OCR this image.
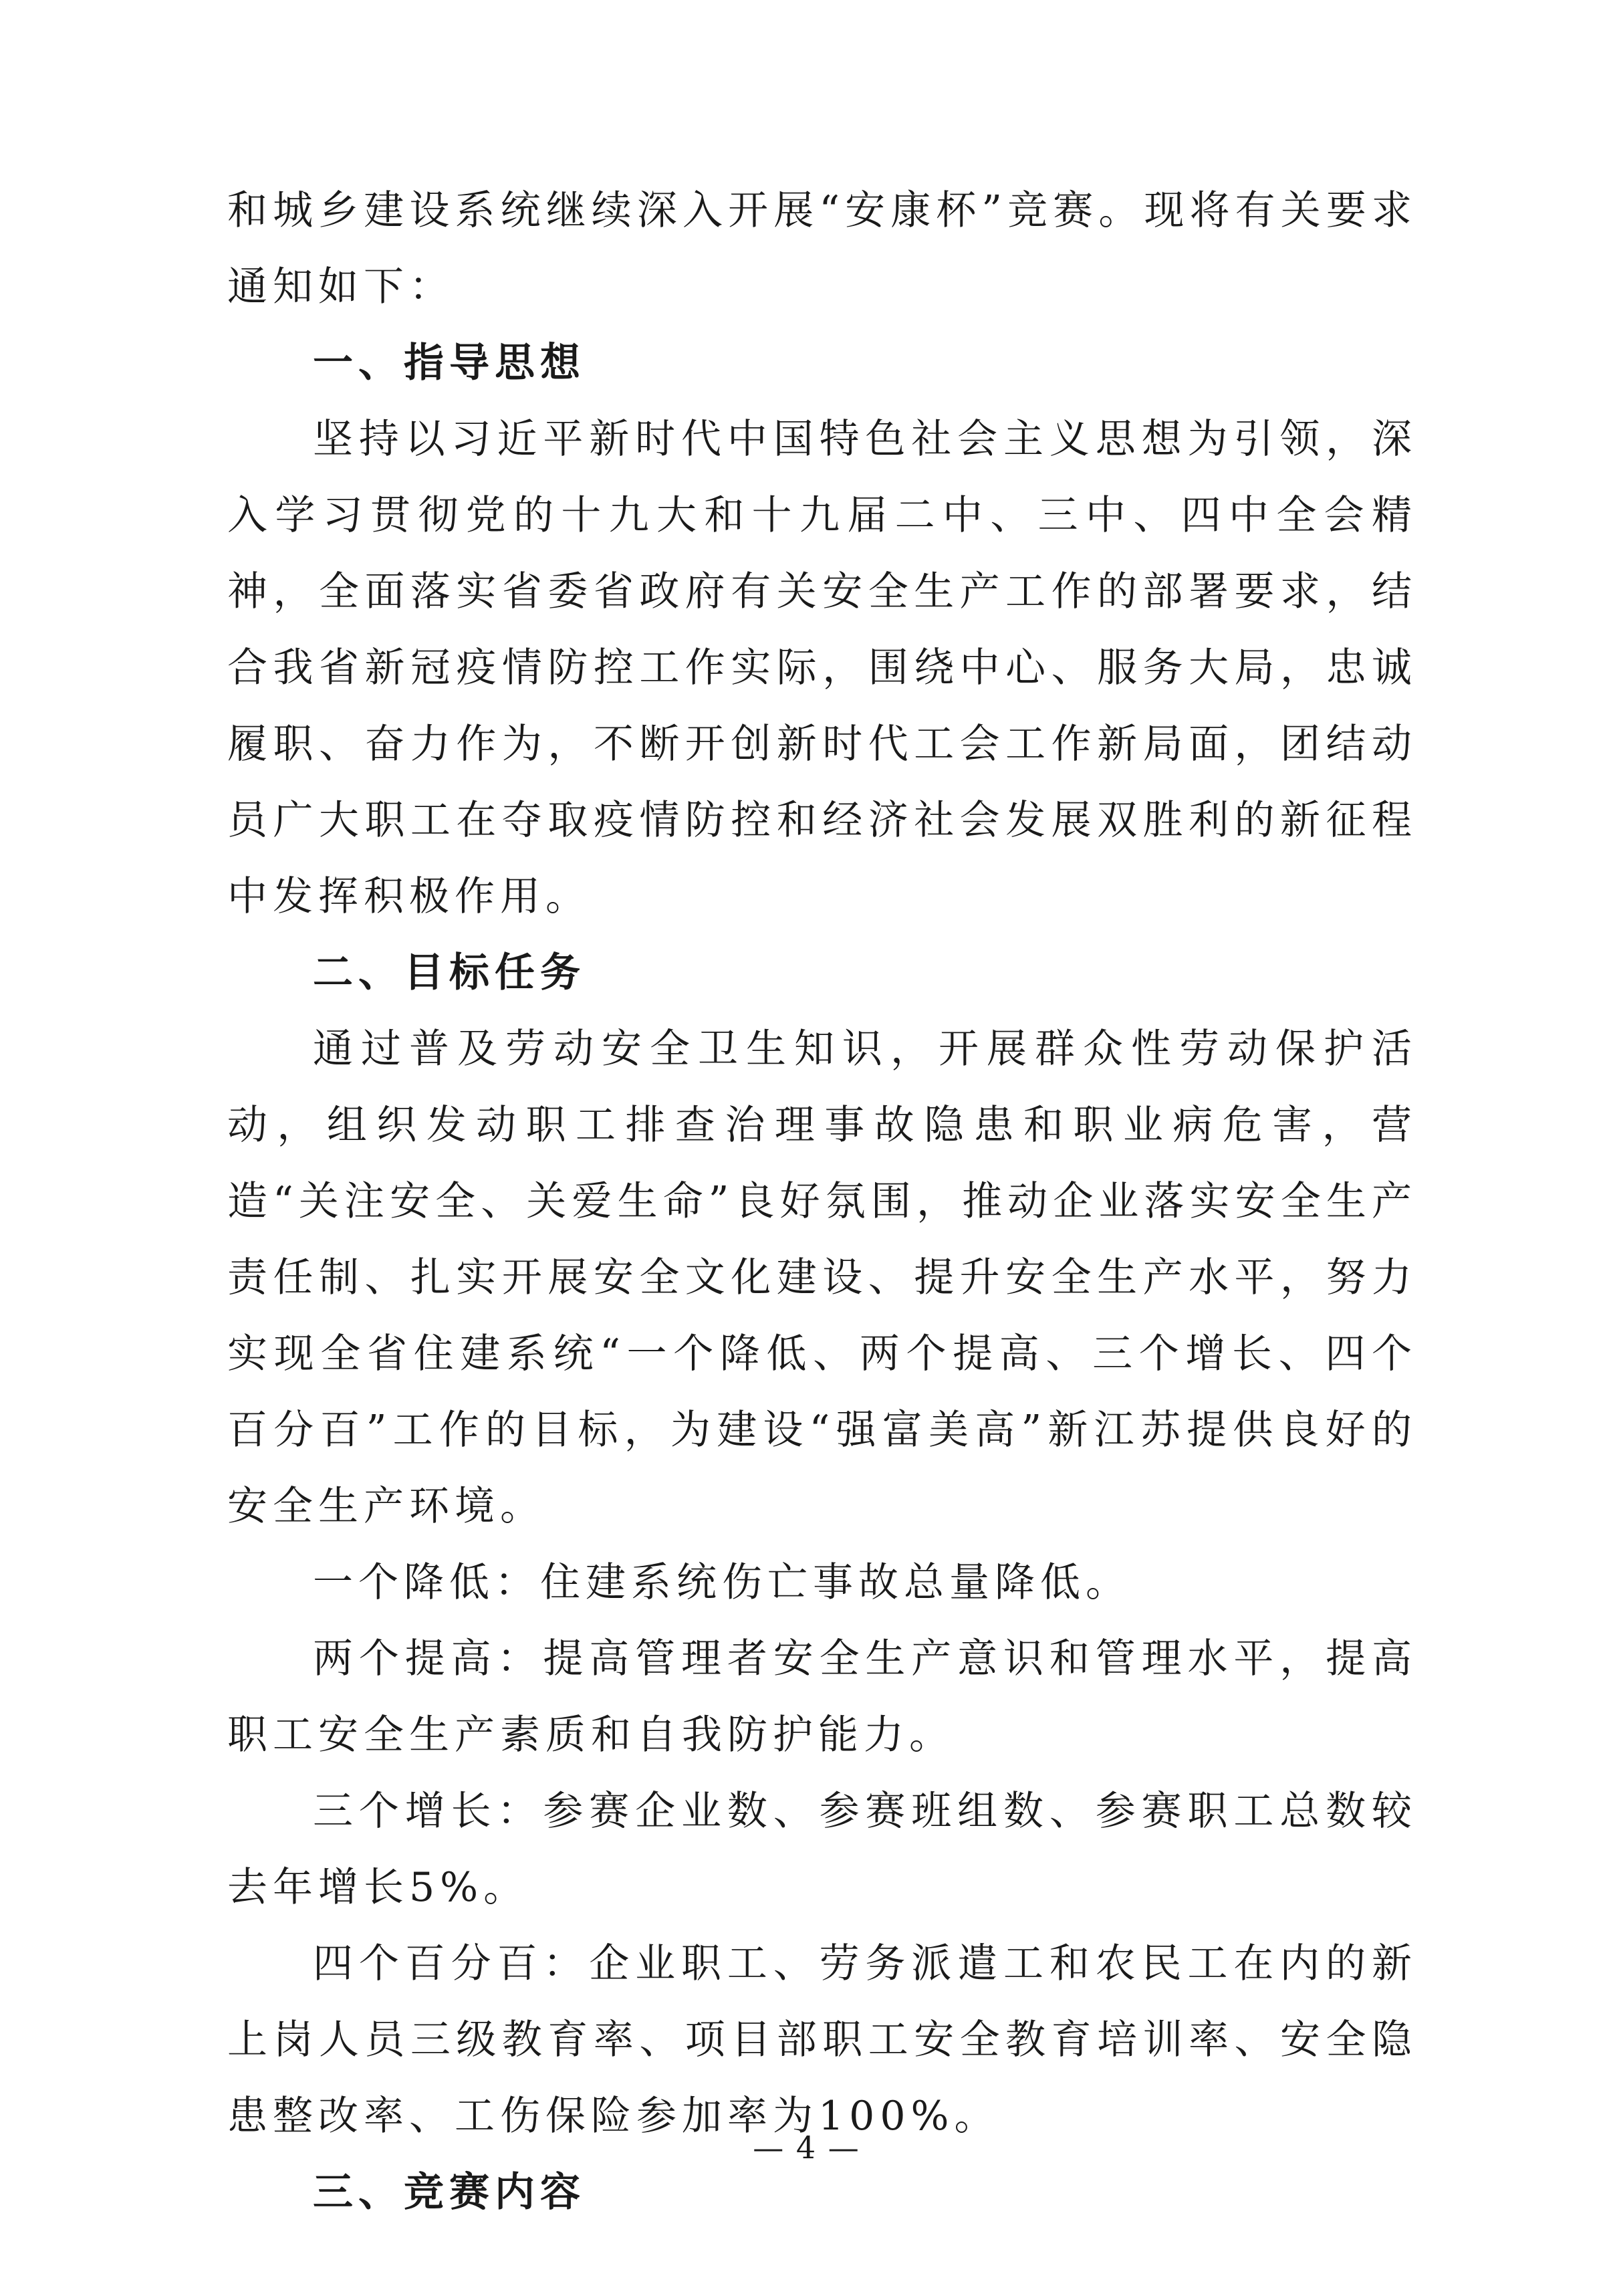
和城乡建设系统继续深入开展“安康杯”竞赛。现将有关要求通知如下：

一、指导思想

坚持以习近平新时代中国特色社会主义思想为引领，深入学习贯彻党的十九大和十九届二中、三中、四中全会精神，全面落实省委省政府有关安全生产工作的部署要求，结合我省新冠疫情防控工作实际，围绕中心、服务大局，忠诚履职、奋力作为，不断开创新时代工会工作新局面，团结动员广大职工在夺取疫情防控和经济社会发展双胜利的新征程中发挥积极作用。

二、目标任务

通过普及劳动安全卫生知识，开展群众性劳动保护活动，组织发动职工排查治理事故隐患和职业病危害，营造“关注安全、关爱生命”良好氛围，推动企业落实安全生产责任制、扎实开展安全文化建设、提升安全生产水平，努力实现全省住建系统“一个降低、两个提高、三个增长、四个百分百”工作的目标，为建设“强富美高”新江苏提供良好的安全生产环境。

一个降低：住建系统伤亡事故总量降低。

两个提高：提高管理者安全生产意识和管理水平，提高职工安全生产素质和自我防护能力。

三个增长：参赛企业数、参赛班组数、参赛职工总数较去年增长5%。

四个百分百：企业职工、劳务派遣工和农民工在内的新上岗人员三级教育率、项目部职工安全教育培训率、安全隐患整改率、工伤保险参加率为100%。

三、竞赛内容

— 4 —
